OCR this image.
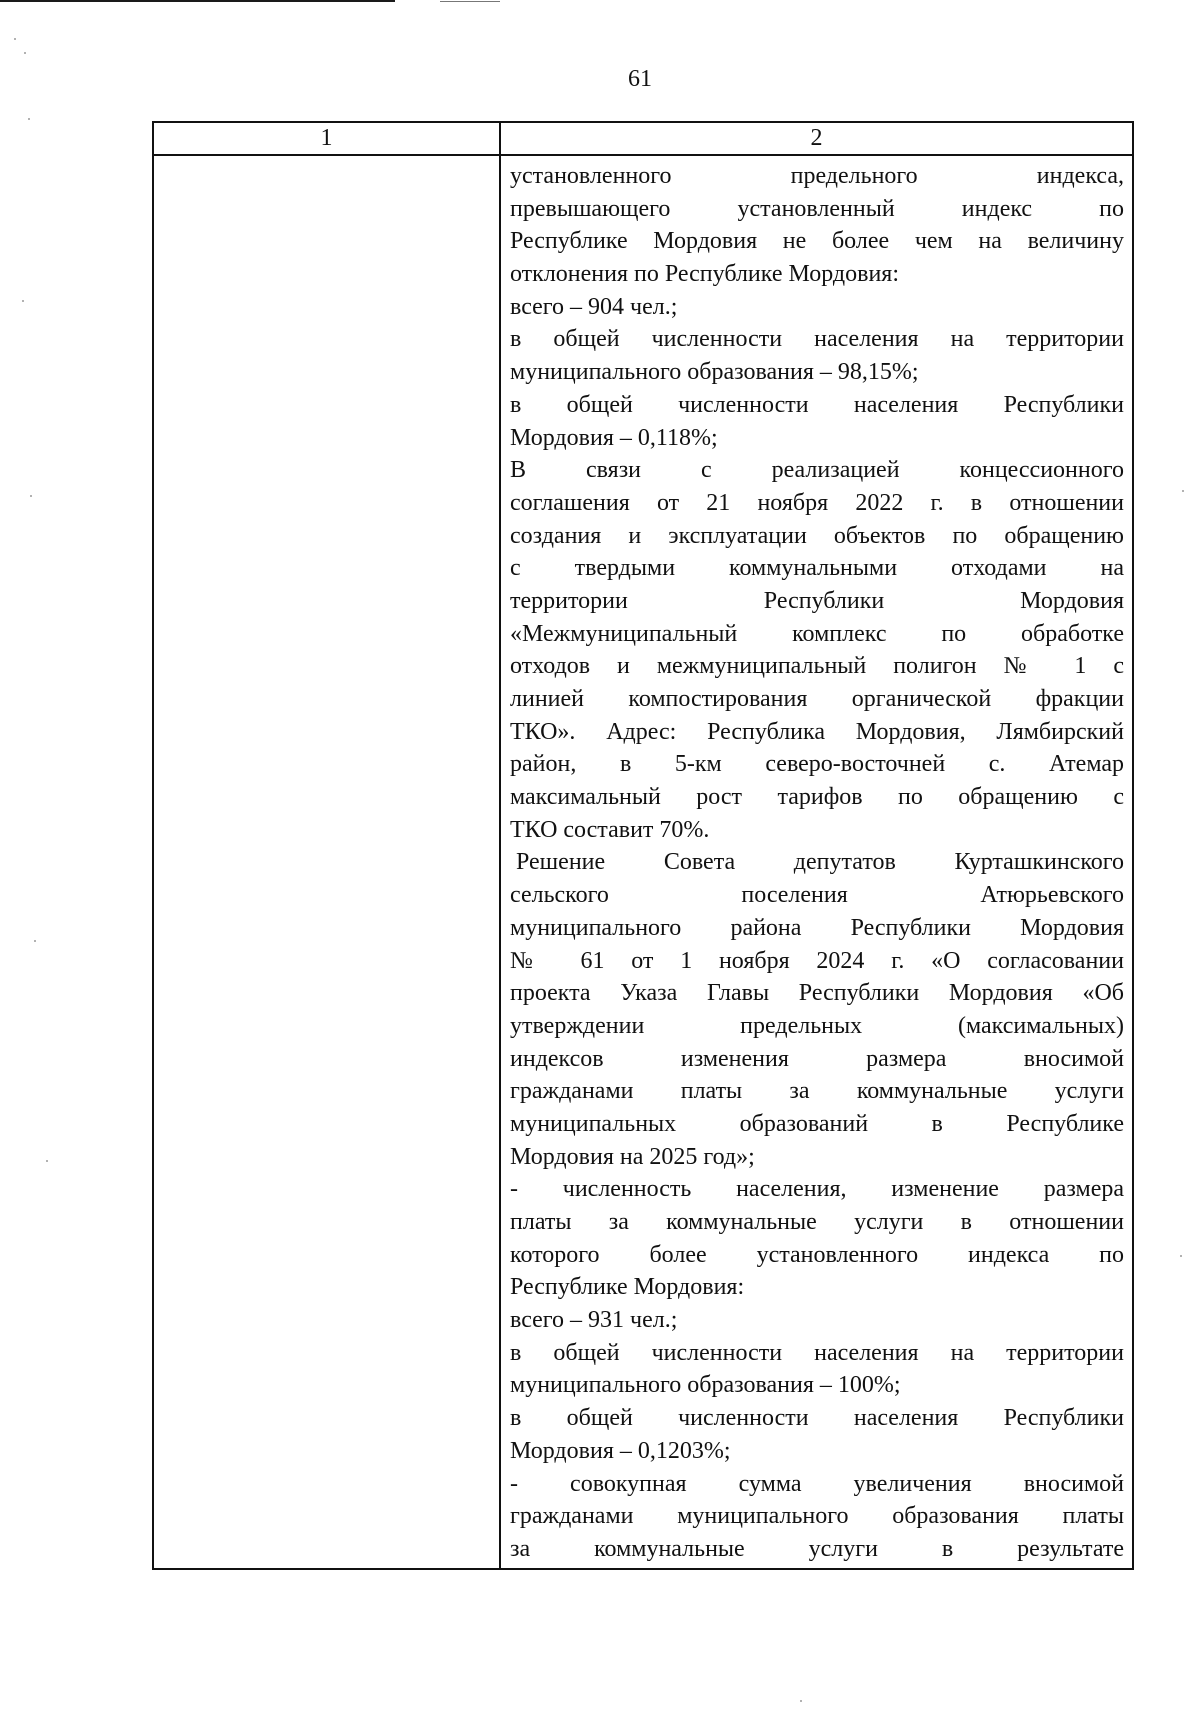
61
1	2
установленного предельного индекса,
превышающего установленный индекс по
Республике Мордовия не более чем на величину
отклонения по Республике Мордовия:
всего – 904 чел.;
в общей численности населения на территории
муниципального образования – 98,15%;
в общей численности населения Республики
Мордовия – 0,118%;
В связи с реализацией концессионного
соглашения от 21 ноября 2022 г. в отношении
создания и эксплуатации объектов по обращению
с твердыми коммунальными отходами на
территории Республики Мордовия
«Межмуниципальный комплекс по обработке
отходов и межмуниципальный полигон № 1 с
линией компостирования органической фракции
ТКО». Адрес: Республика Мордовия, Лямбирский
район, в 5-км северо-восточней с. Атемар
максимальный рост тарифов по обращению с
ТКО составит 70%.
Решение Совета депутатов Курташкинского
сельского поселения Атюрьевского
муниципального района Республики Мордовия
№ 61 от 1 ноября 2024 г. «О согласовании
проекта Указа Главы Республики Мордовия «Об
утверждении предельных (максимальных)
индексов изменения размера вносимой
гражданами платы за коммунальные услуги
муниципальных образований в Республике
Мордовия на 2025 год»;
- численность населения, изменение размера
платы за коммунальные услуги в отношении
которого более установленного индекса по
Республике Мордовия:
всего – 931 чел.;
в общей численности населения на территории
муниципального образования – 100%;
в общей численности населения Республики
Мордовия – 0,1203%;
- совокупная сумма увеличения вносимой
гражданами муниципального образования платы
за коммунальные услуги в результате
